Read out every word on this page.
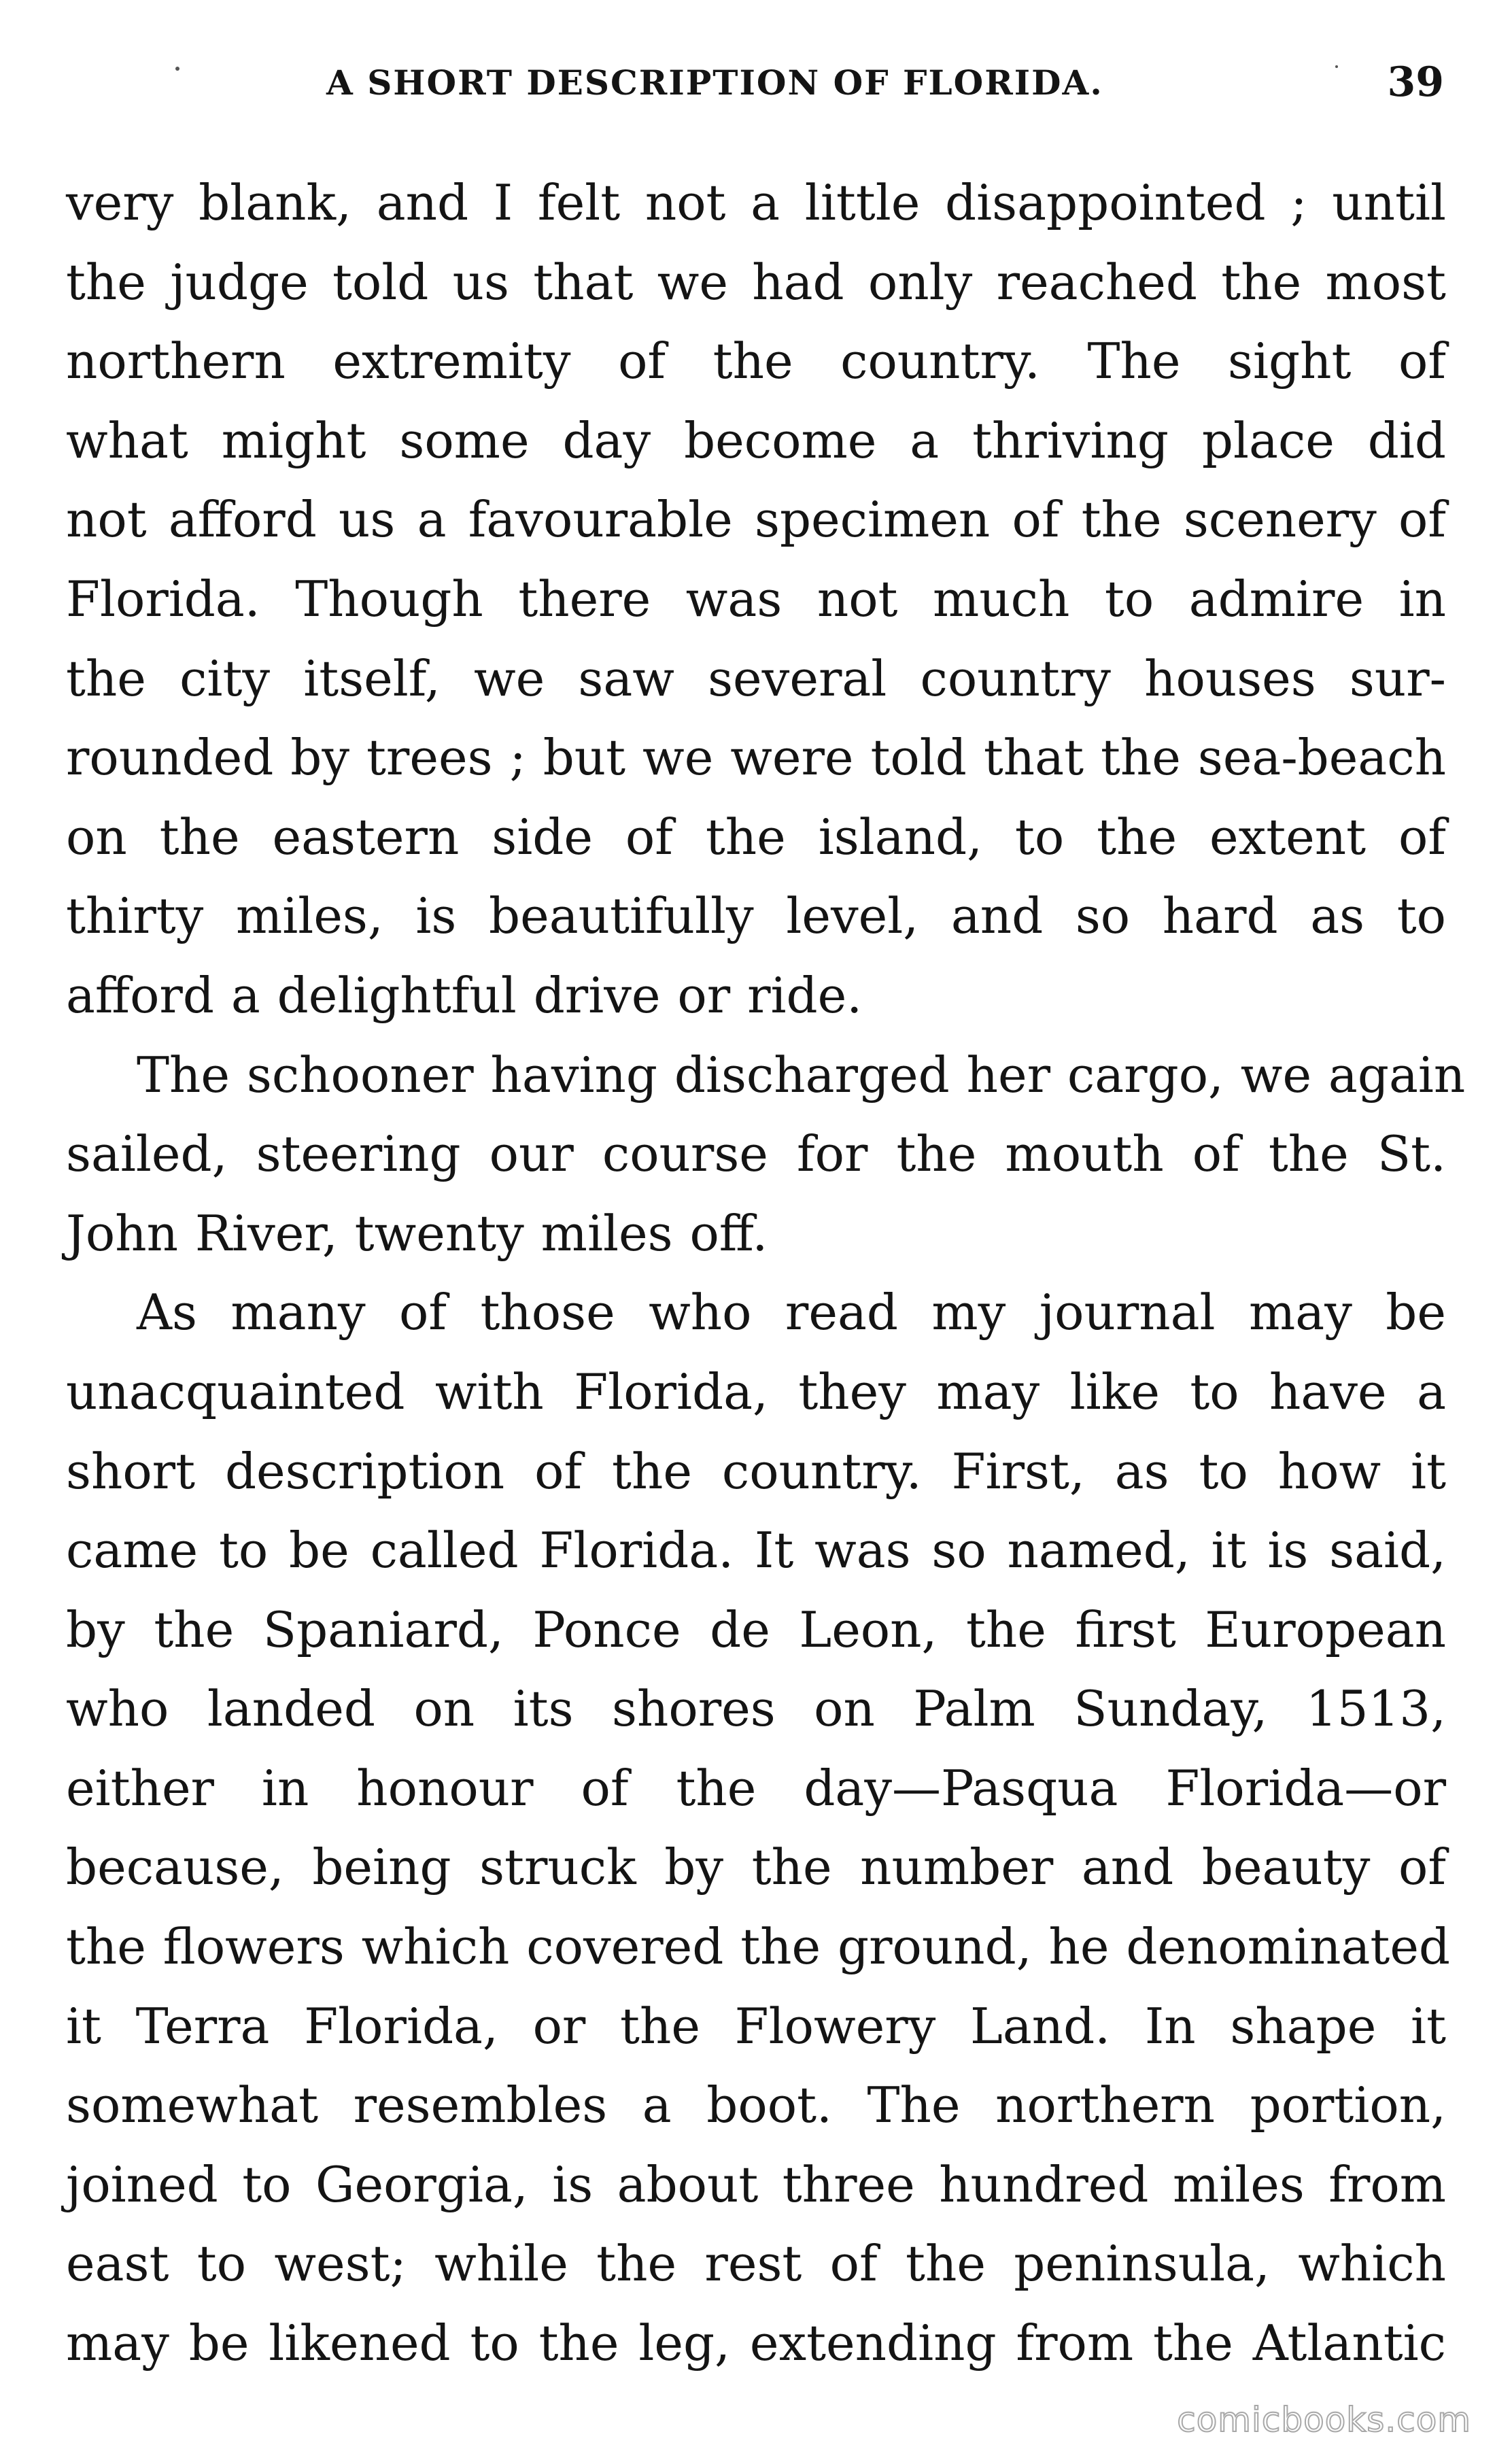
A SHORT DESCRIPTION OF FLORIDA.	39
very blank, and I felt not a little disappointed ; until
the judge told us that we had only reached the most
northern extremity of the country. The sight of
what might some day become a thriving place did
not afford us a favourable specimen of the scenery of
Florida. Though there was not much to admire in
the city itself, we saw several country houses sur-
rounded by trees ; but we were told that the sea-beach
on the eastern side of the island, to the extent of
thirty miles, is beautifully level, and so hard as to
afford a delightful drive or ride.
The schooner having discharged her cargo, we again
sailed, steering our course for the mouth of the St.
John River, twenty miles off.
As many of those who read my journal may be
unacquainted with Florida, they may like to have a
short description of the country. First, as to how it
came to be called Florida. It was so named, it is said,
by the Spaniard, Ponce de Leon, the first European
who landed on its shores on Palm Sunday, 1513,
either in honour of the day—Pasqua Florida—or
because, being struck by the number and beauty of
the flowers which covered the ground, he denominated
it Terra Florida, or the Flowery Land. In shape it
somewhat resembles a boot. The northern portion,
joined to Georgia, is about three hundred miles from
east to west; while the rest of the peninsula, which
may be likened to the leg, extending from the Atlantic
comicbooks.com
